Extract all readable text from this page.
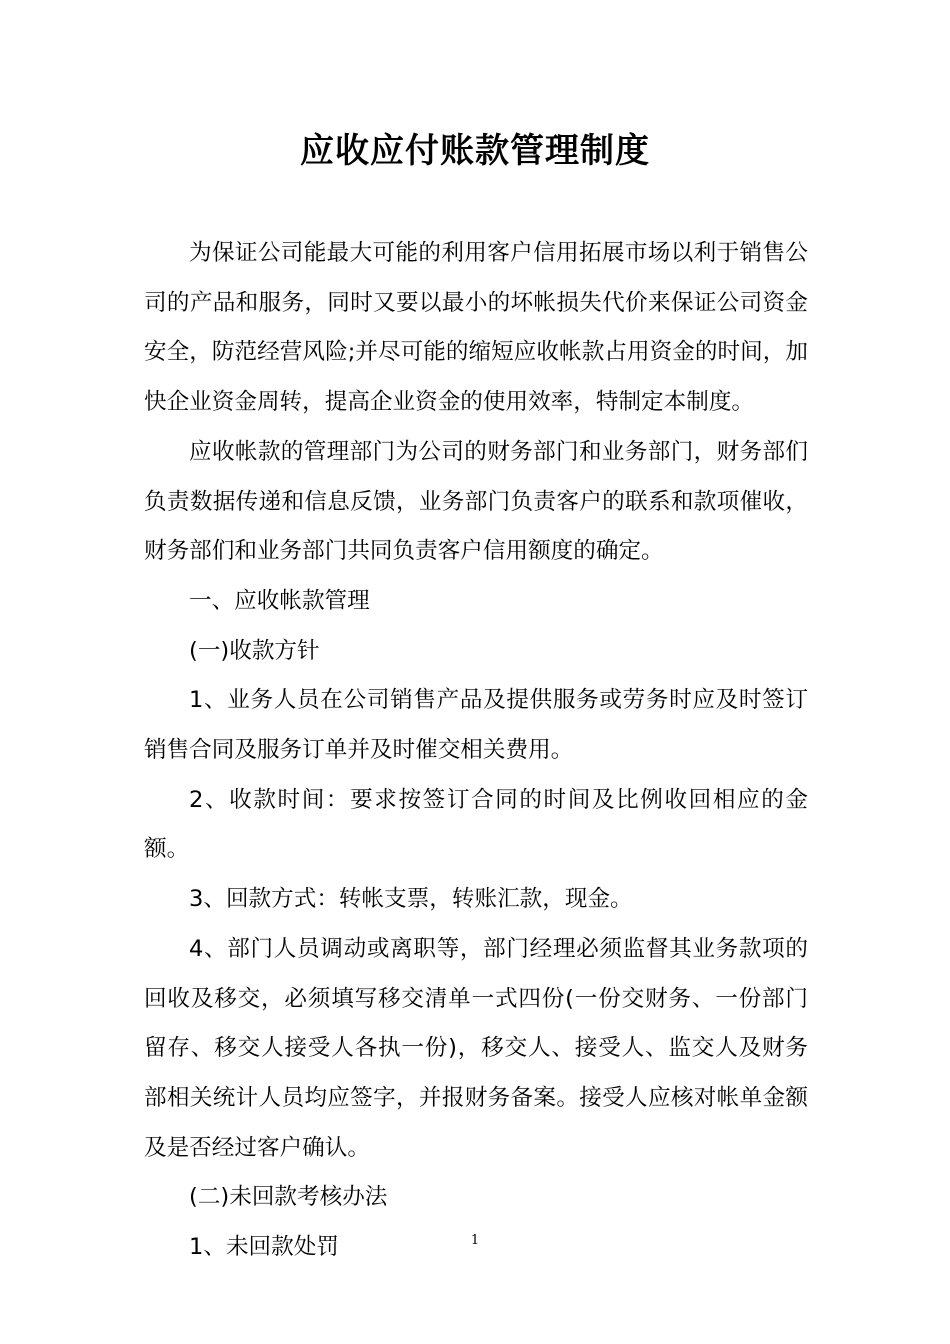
应收应付账款管理制度

为保证公司能最大可能的利用客户信用拓展市场以利于销售公司的产品和服务，同时又要以最小的坏帐损失代价来保证公司资金安全，防范经营风险;并尽可能的缩短应收帐款占用资金的时间，加快企业资金周转，提高企业资金的使用效率，特制定本制度。

应收帐款的管理部门为公司的财务部门和业务部门，财务部们负责数据传递和信息反馈，业务部门负责客户的联系和款项催收，财务部们和业务部门共同负责客户信用额度的确定。

一、应收帐款管理

(一)收款方针

1、业务人员在公司销售产品及提供服务或劳务时应及时签订销售合同及服务订单并及时催交相关费用。

2、收款时间：要求按签订合同的时间及比例收回相应的金额。

3、回款方式：转帐支票，转账汇款，现金。

4、部门人员调动或离职等，部门经理必须监督其业务款项的回收及移交，必须填写移交清单一式四份(一份交财务、一份部门留存、移交人接受人各执一份)，移交人、接受人、监交人及财务部相关统计人员均应签字，并报财务备案。接受人应核对帐单金额及是否经过客户确认。

(二)未回款考核办法

1、未回款处罚	1
